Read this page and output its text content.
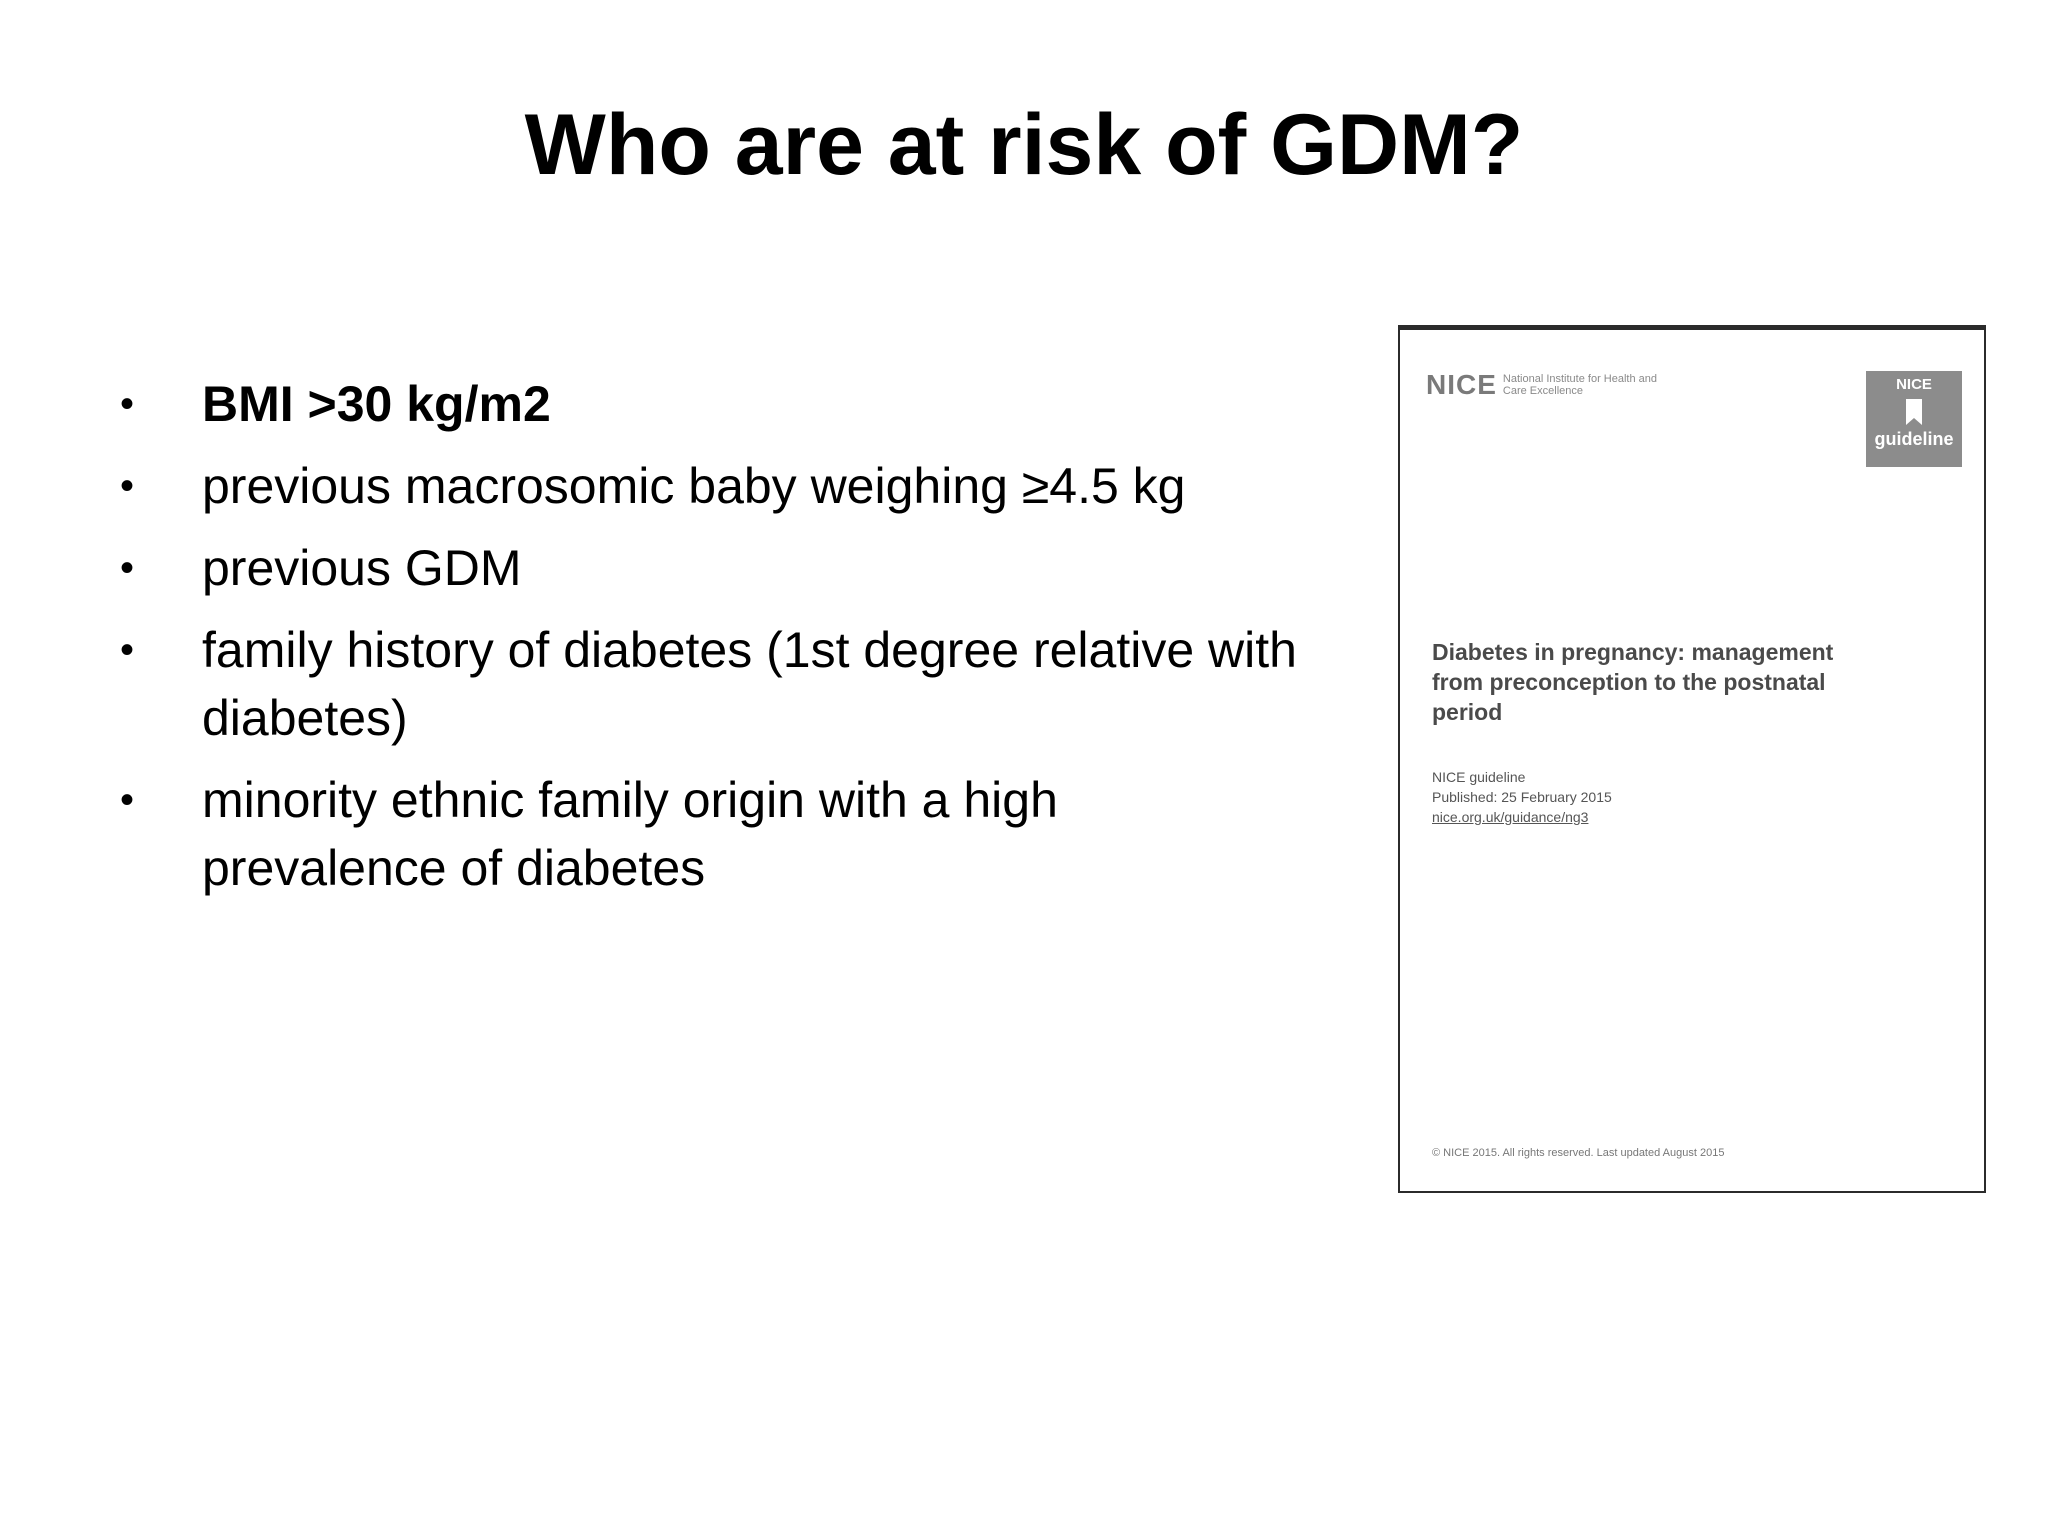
Who are at risk of GDM?
•	BMI >30 kg/m2
•	previous macrosomic baby weighing ≥4.5 kg
•	previous GDM
•	family history of diabetes (1st degree relative with diabetes)
•	minority ethnic family origin with a high prevalence of diabetes
NICE National Institute for Health and Care Excellence	NICE
guideline
Diabetes in pregnancy: management from preconception to the postnatal period
NICE guideline
Published: 25 February 2015
nice.org.uk/guidance/ng3
© NICE 2015. All rights reserved. Last updated August 2015
